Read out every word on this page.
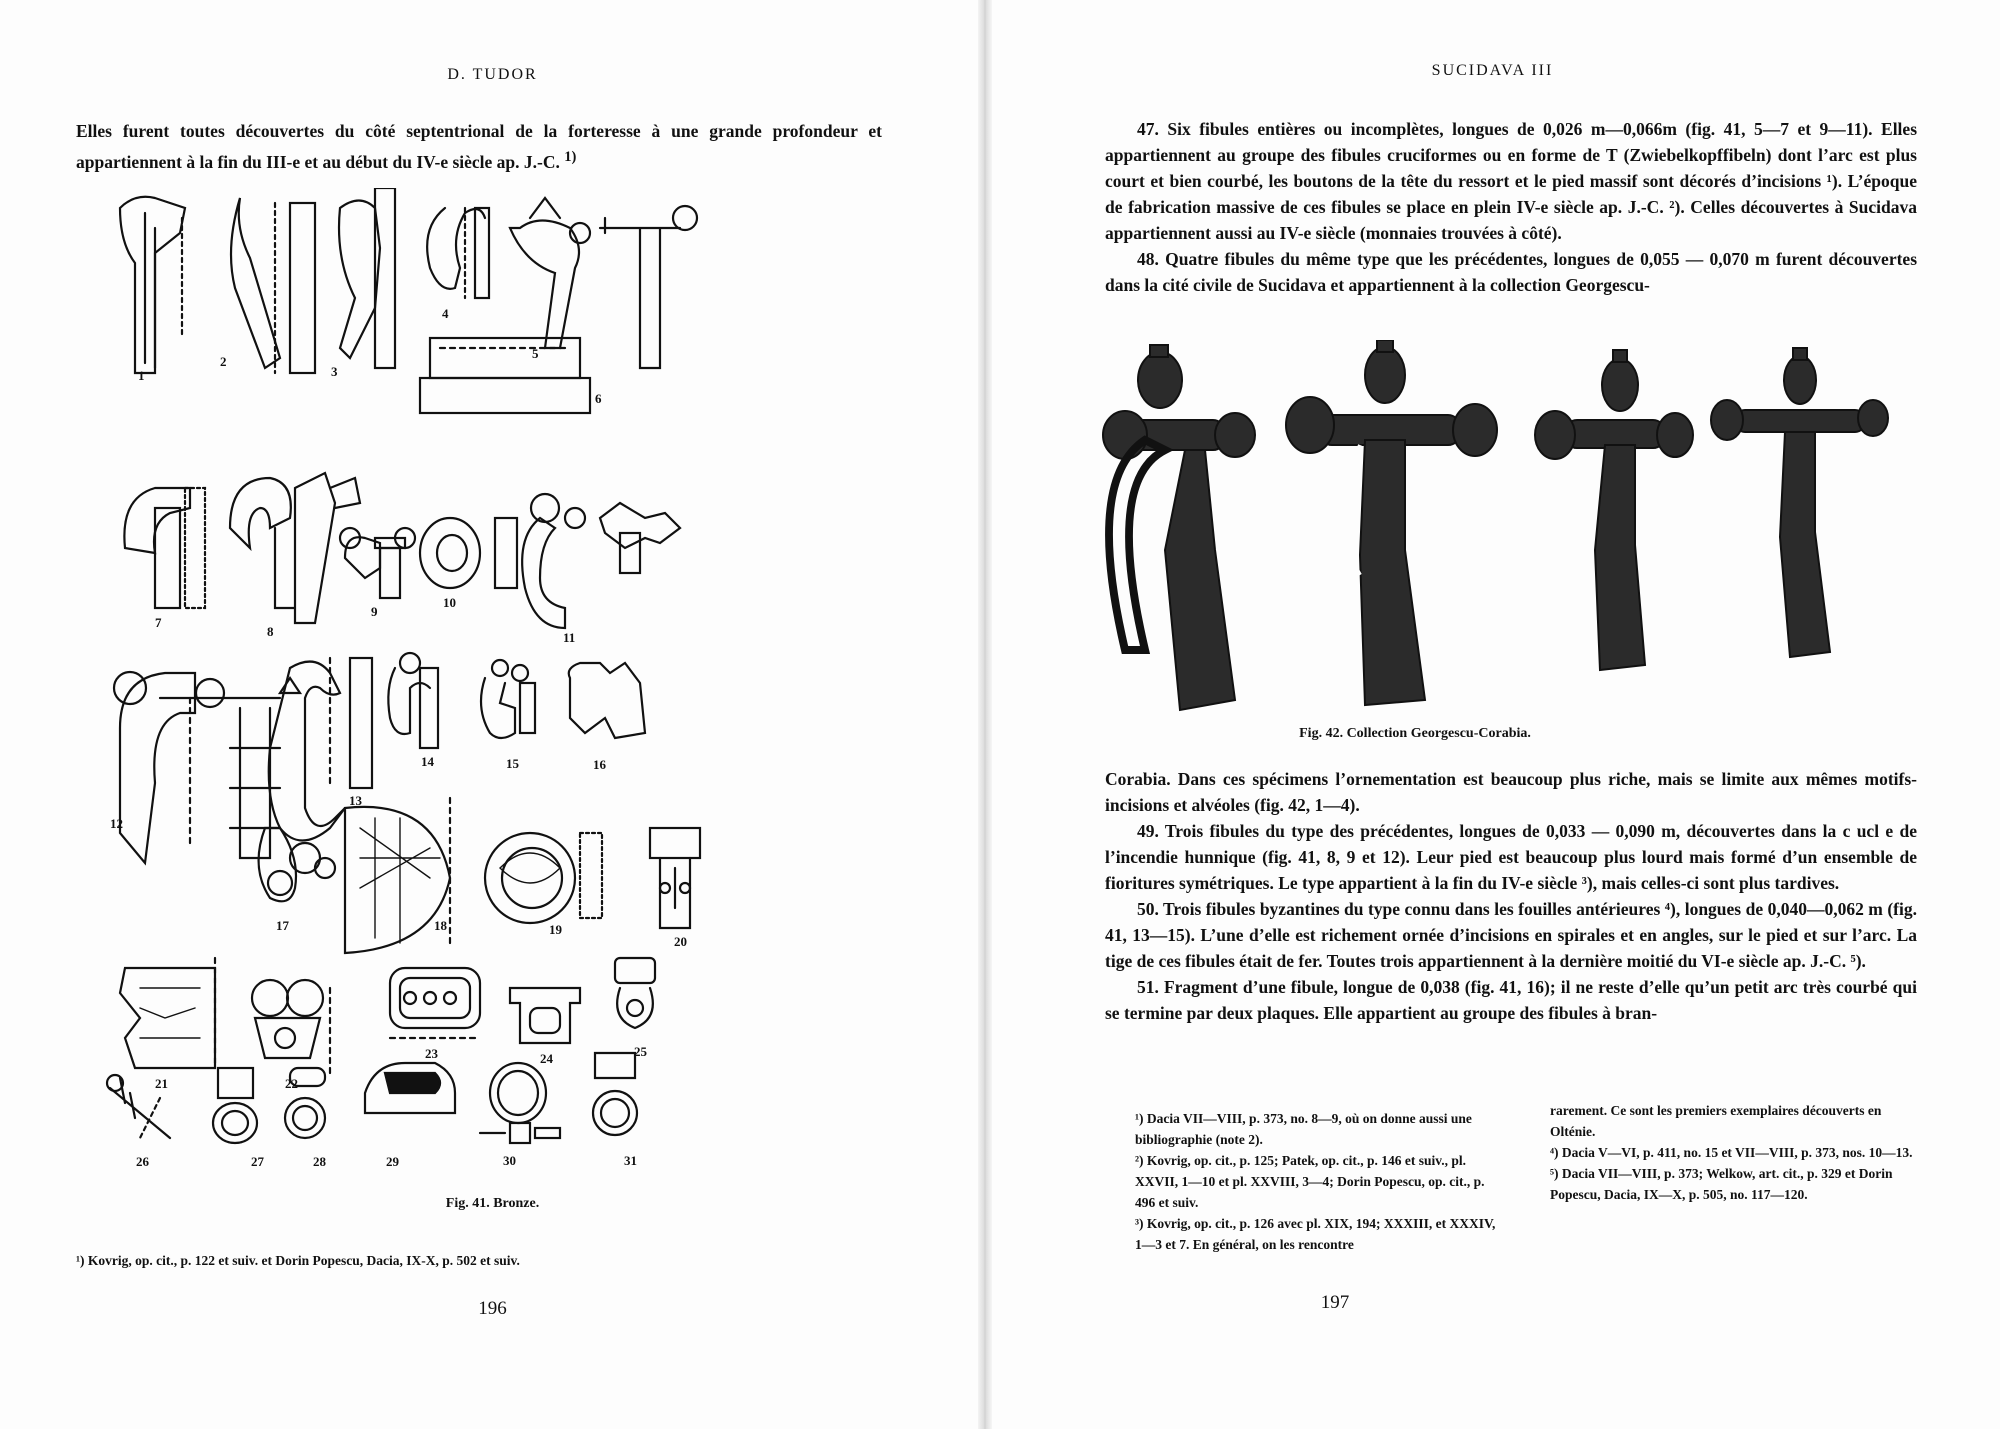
D. TUDOR

Elles furent toutes découvertes du côté septentrional de la forteresse à une grande profondeur et appartiennent à la fin du III-e et au début du IV-e siècle ap. J.-C. $^{1)}$

1
2
3
4
5
6
7
8
9
10
11
12
13
14	15	16
17	18	19
20
21	22
23	24	25
26	27	28	29	30	31
Fig. 41. Bronze.
¹) Kovrig, op. cit., p. 122 et suiv. et Dorin Popescu, Dacia, IX-X, p. 502 et suiv.
196
SUCIDAVA III

47. Six fibules entières ou incomplètes, longues de 0,026 m—0,066m (fig. 41, 5—7 et 9—11). Elles appartiennent au groupe des fibules cruciformes ou en forme de T (Zwiebelkopffibeln) dont l’arc est plus court et bien courbé, les boutons de la tête du ressort et le pied massif sont décorés d’incisions ¹). L’époque de fabrication massive de ces fibules se place en plein IV-e siècle ap. J.-C. ²). Celles découvertes à Sucidava appartiennent aussi au IV-e siècle (monnaies trouvées à côté).

48. Quatre fibules du même type que les précédentes, longues de 0,055 — 0,070 m furent découvertes dans la cité civile de Sucidava et appartiennent à la collection Georgescu-

Fig. 42. Collection Georgescu-Corabia.

Corabia. Dans ces spécimens l’ornementation est beaucoup plus riche, mais se limite aux mêmes motifs-incisions et alvéoles (fig. 42, 1—4).

49. Trois fibules du type des précédentes, longues de 0,033 — 0,090 m, découvertes dans la c ucl e de l’incendie hunnique (fig. 41, 8, 9 et 12). Leur pied est beaucoup plus lourd mais formé d’un ensemble de fioritures symétriques. Le type appartient à la fin du IV-e siècle ³), mais celles-ci sont plus tardives.

50. Trois fibules byzantines du type connu dans les fouilles antérieures ⁴), longues de 0,040—0,062 m (fig. 41, 13—15). L’une d’elle est richement ornée d’incisions en spirales et en angles, sur le pied et sur l’arc. La tige de ces fibules était de fer. Toutes trois appartiennent à la dernière moitié du VI-e siècle ap. J.-C. ⁵).

51. Fragment d’une fibule, longue de 0,038 (fig. 41, 16); il ne reste d’elle qu’un petit arc très courbé qui se termine par deux plaques. Elle appartient au groupe des fibules à bran-

¹) Dacia VII—VIII, p. 373, no. 8—9, où on donne aussi une bibliographie (note 2).
²) Kovrig, op. cit., p. 125; Patek, op. cit., p. 146 et suiv., pl. XXVII, 1—10 et pl. XXVIII, 3—4; Dorin Popescu, op. cit., p. 496 et suiv.
³) Kovrig, op. cit., p. 126 avec pl. XIX, 194; XXXIII, et XXXIV, 1—3 et 7. En général, on les rencontre
rarement. Ce sont les premiers exemplaires découverts en Olténie.
⁴) Dacia V—VI, p. 411, no. 15 et VII—VIII, p. 373, nos. 10—13.
⁵) Dacia VII—VIII, p. 373; Welkow, art. cit., p. 329 et Dorin Popescu, Dacia, IX—X, p. 505, no. 117—120.
197
